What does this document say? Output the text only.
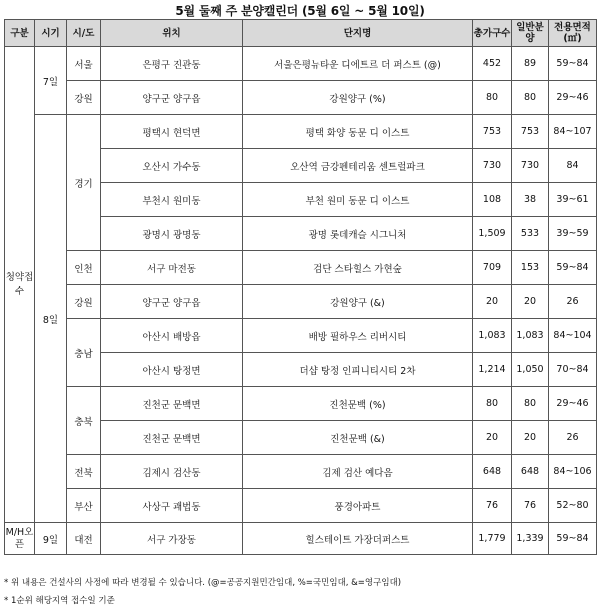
5월 둘째 주 분양캘린더 (5월 6일 ~ 5월 10일)
구분	시기	시/도	위치	단지명	총가구수	일반분양	전용면적(㎡)
청약접수	7일	서울	은평구 진관동	서울은평뉴타운 디에트르 더 퍼스트 (@)	452	89	59~84
		강원	양구군 양구읍	강원양구 (%)	80	80	29~46
	8일	경기	평택시 현덕면	평택 화양 동문 디 이스트	753	753	84~107
			오산시 가수동	오산역 금강펜테리움 센트럴파크	730	730	84
			부천시 원미동	부천 원미 동문 디 이스트	108	38	39~61
			광명시 광명동	광명 롯데캐슬 시그니처	1,509	533	39~59
		인천	서구 마전동	검단 스타힐스 가현숲	709	153	59~84
		강원	양구군 양구읍	강원양구 (&)	20	20	26
		충남	아산시 배방읍	배방 필하우스 리버시티	1,083	1,083	84~104
			아산시 탕정면	더샵 탕정 인피니티시티 2차	1,214	1,050	70~84
		충북	진천군 문백면	진천문백 (%)	80	80	29~46
			진천군 문백면	진천문백 (&)	20	20	26
		전북	김제시 검산동	김제 검산 예다음	648	648	84~106
		부산	사상구 괘법동	풍경아파트	76	76	52~80
M/H오픈	9일	대전	서구 가장동	힐스테이트 가장더퍼스트	1,779	1,339	59~84
* 위 내용은 건설사의 사정에 따라 변경될 수 있습니다. (@=공공지원민간임대, %=국민임대, &=영구임대)
* 1순위 해당지역 접수일 기준
